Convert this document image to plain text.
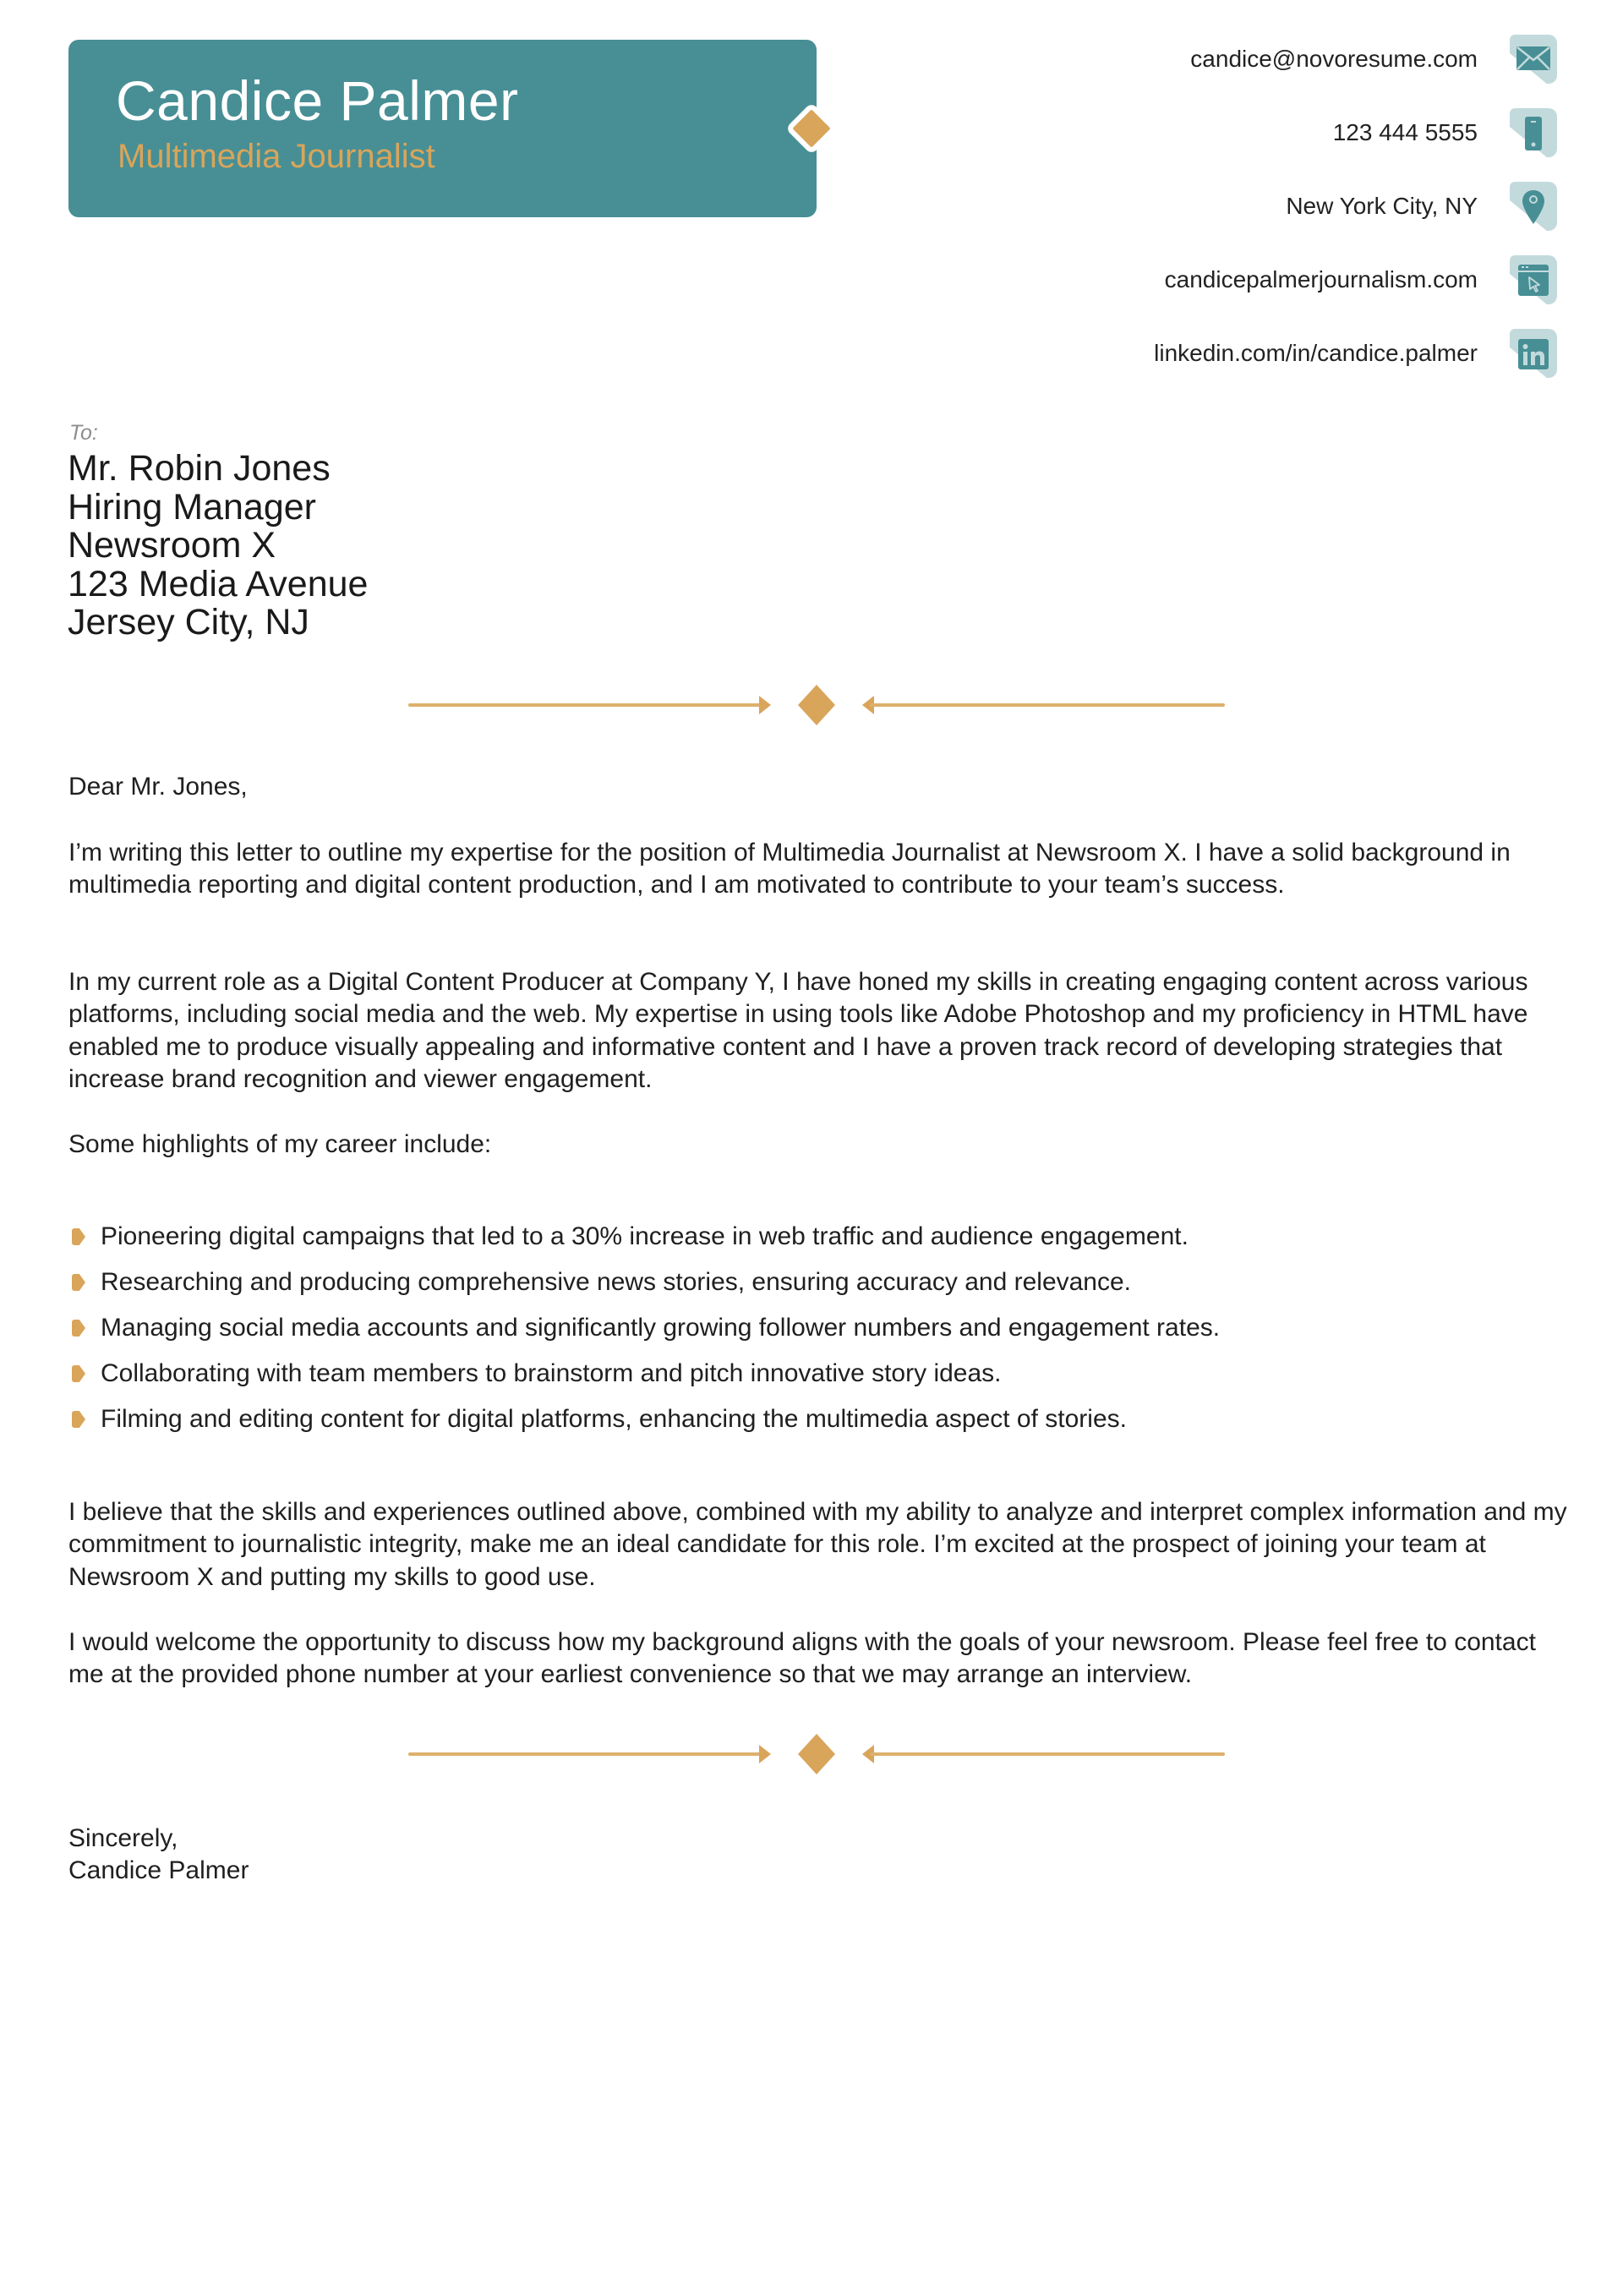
Candice Palmer
Multimedia Journalist
candice@novoresume.com
123 444 5555
New York City, NY
candicepalmerjournalism.com
linkedin.com/in/candice.palmer
To:
Mr. Robin Jones
Hiring Manager
Newsroom X
123 Media Avenue
Jersey City, NJ
Dear Mr. Jones,
I’m writing this letter to outline my expertise for the position of Multimedia Journalist at Newsroom X. I have a solid background in multimedia reporting and digital content production, and I am motivated to contribute to your team’s success.
In my current role as a Digital Content Producer at Company Y, I have honed my skills in creating engaging content across various platforms, including social media and the web. My expertise in using tools like Adobe Photoshop and my proficiency in HTML have enabled me to produce visually appealing and informative content and I have a proven track record of developing strategies that increase brand recognition and viewer engagement.
Some highlights of my career include:
Pioneering digital campaigns that led to a 30% increase in web traffic and audience engagement.
Researching and producing comprehensive news stories, ensuring accuracy and relevance.
Managing social media accounts and significantly growing follower numbers and engagement rates.
Collaborating with team members to brainstorm and pitch innovative story ideas.
Filming and editing content for digital platforms, enhancing the multimedia aspect of stories.
I believe that the skills and experiences outlined above, combined with my ability to analyze and interpret complex information and my commitment to journalistic integrity, make me an ideal candidate for this role. I’m excited at the prospect of joining your team at Newsroom X and putting my skills to good use.
I would welcome the opportunity to discuss how my background aligns with the goals of your newsroom. Please feel free to contact me at the provided phone number at your earliest convenience so that we may arrange an interview.
Sincerely,
Candice Palmer
